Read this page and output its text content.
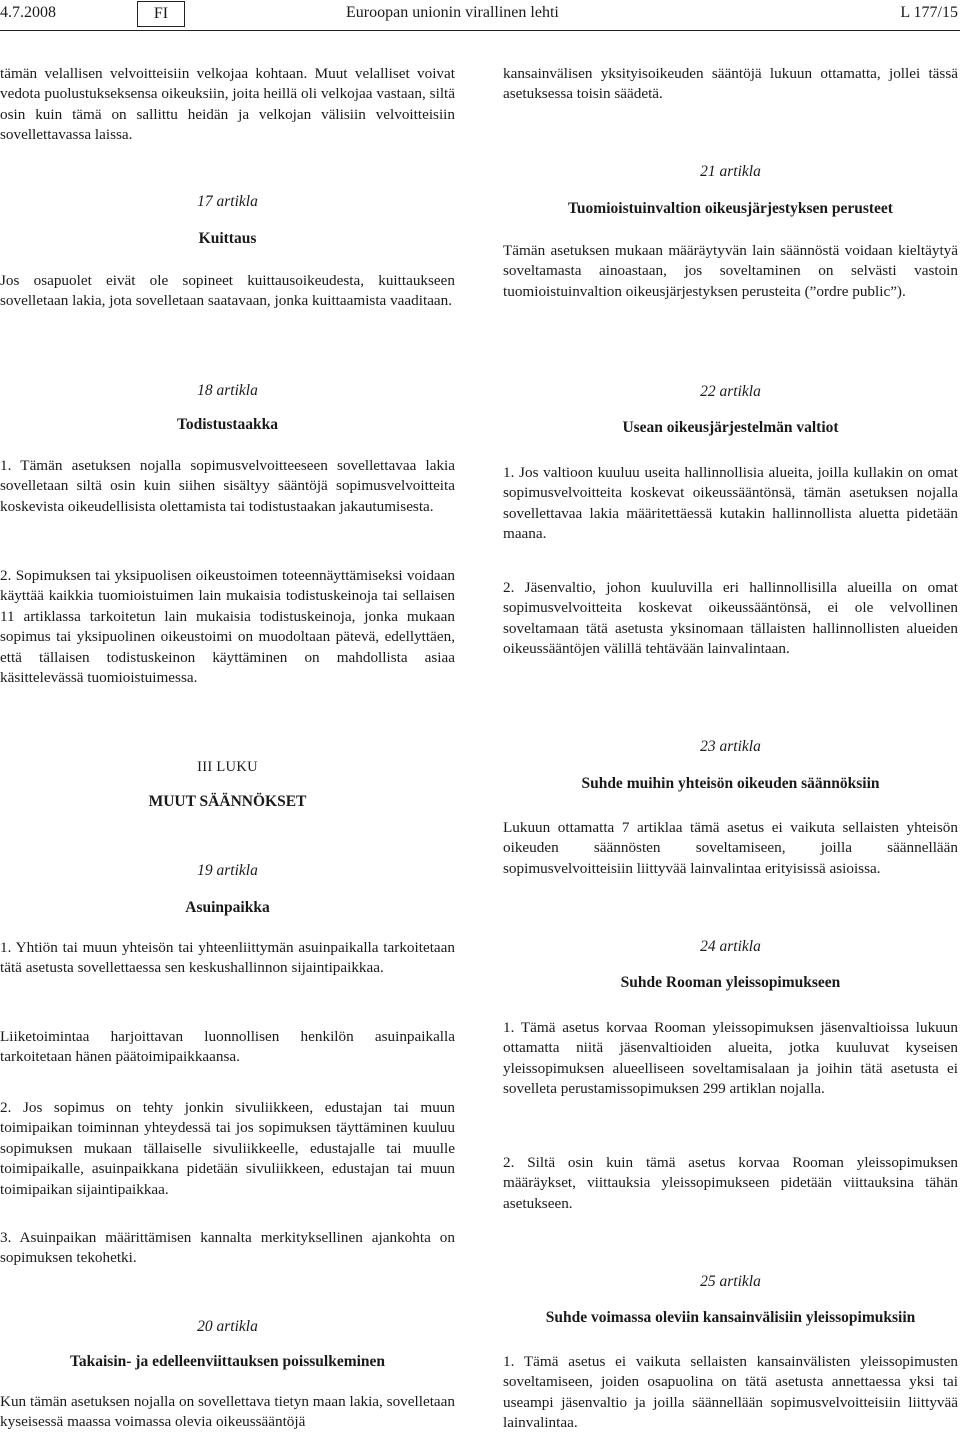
4.7.2008	FI	Euroopan unionin virallinen lehti	L 177/15

tämän velallisen velvoitteisiin velkojaa kohtaan. Muut velalliset voivat vedota puolustukseksensa oikeuksiin, joita heillä oli velkojaa vastaan, siltä osin kuin tämä on sallittu heidän ja velkojan välisiin velvoitteisiin sovellettavassa laissa.

17 artikla

Kuittaus

Jos osapuolet eivät ole sopineet kuittausoikeudesta, kuittaukseen sovelletaan lakia, jota sovelletaan saatavaan, jonka kuittaamista vaaditaan.

18 artikla

Todistustaakka

1. Tämän asetuksen nojalla sopimusvelvoitteeseen sovellettavaa lakia sovelletaan siltä osin kuin siihen sisältyy sääntöjä sopimusvelvoitteita koskevista oikeudellisista olettamista tai todistustaakan jakautumisesta.

2. Sopimuksen tai yksipuolisen oikeustoimen toteennäyttämiseksi voidaan käyttää kaikkia tuomioistuimen lain mukaisia todistuskeinoja tai sellaisen 11 artiklassa tarkoitetun lain mukaisia todistuskeinoja, jonka mukaan sopimus tai yksipuolinen oikeustoimi on muodoltaan pätevä, edellyttäen, että tällaisen todistuskeinon käyttäminen on mahdollista asiaa käsittelevässä tuomioistuimessa.

III LUKU

MUUT SÄÄNNÖKSET

19 artikla

Asuinpaikka

1. Yhtiön tai muun yhteisön tai yhteenliittymän asuinpaikalla tarkoitetaan tätä asetusta sovellettaessa sen keskushallinnon sijaintipaikkaa.

Liiketoimintaa harjoittavan luonnollisen henkilön asuinpaikalla tarkoitetaan hänen päätoimipaikkaansa.

2. Jos sopimus on tehty jonkin sivuliikkeen, edustajan tai muun toimipaikan toiminnan yhteydessä tai jos sopimuksen täyttäminen kuuluu sopimuksen mukaan tällaiselle sivuliikkeelle, edustajalle tai muulle toimipaikalle, asuinpaikkana pidetään sivuliikkeen, edustajan tai muun toimipaikan sijaintipaikkaa.

3. Asuinpaikan määrittämisen kannalta merkityksellinen ajankohta on sopimuksen tekohetki.

20 artikla

Takaisin- ja edelleenviittauksen poissulkeminen

Kun tämän asetuksen nojalla on sovellettava tietyn maan lakia, sovelletaan kyseisessä maassa voimassa olevia oikeussääntöjä

kansainvälisen yksityisoikeuden sääntöjä lukuun ottamatta, jollei tässä asetuksessa toisin säädetä.

21 artikla

Tuomioistuinvaltion oikeusjärjestyksen perusteet

Tämän asetuksen mukaan määräytyvän lain säännöstä voidaan kieltäytyä soveltamasta ainoastaan, jos soveltaminen on selvästi vastoin tuomioistuinvaltion oikeusjärjestyksen perusteita (”ordre public”).

22 artikla

Usean oikeusjärjestelmän valtiot

1. Jos valtioon kuuluu useita hallinnollisia alueita, joilla kullakin on omat sopimusvelvoitteita koskevat oikeussääntönsä, tämän asetuksen nojalla sovellettavaa lakia määritettäessä kutakin hallinnollista aluetta pidetään maana.

2. Jäsenvaltio, johon kuuluvilla eri hallinnollisilla alueilla on omat sopimusvelvoitteita koskevat oikeussääntönsä, ei ole velvollinen soveltamaan tätä asetusta yksinomaan tällaisten hallinnollisten alueiden oikeussääntöjen välillä tehtävään lainvalintaan.

23 artikla

Suhde muihin yhteisön oikeuden säännöksiin

Lukuun ottamatta 7 artiklaa tämä asetus ei vaikuta sellaisten yhteisön oikeuden säännösten soveltamiseen, joilla säännellään sopimusvelvoitteisiin liittyvää lainvalintaa erityisissä asioissa.

24 artikla

Suhde Rooman yleissopimukseen

1. Tämä asetus korvaa Rooman yleissopimuksen jäsenvaltioissa lukuun ottamatta niitä jäsenvaltioiden alueita, jotka kuuluvat kyseisen yleissopimuksen alueelliseen soveltamisalaan ja joihin tätä asetusta ei sovelleta perustamissopimuksen 299 artiklan nojalla.

2. Siltä osin kuin tämä asetus korvaa Rooman yleissopimuksen määräykset, viittauksia yleissopimukseen pidetään viittauksina tähän asetukseen.

25 artikla

Suhde voimassa oleviin kansainvälisiin yleissopimuksiin

1. Tämä asetus ei vaikuta sellaisten kansainvälisten yleissopimusten soveltamiseen, joiden osapuolina on tätä asetusta annettaessa yksi tai useampi jäsenvaltio ja joilla säännellään sopimusvelvoitteisiin liittyvää lainvalintaa.
